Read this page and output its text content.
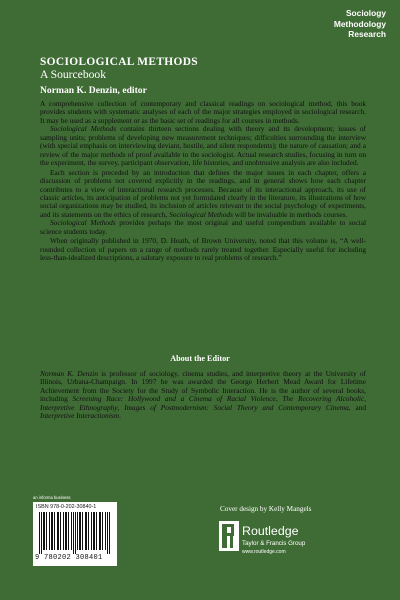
Sociology
Methodology
Research
SOCIOLOGICAL METHODS
A Sourcebook
Norman K. Denzin, editor

A comprehensive collection of contemporary and classical readings on sociological method, this book provides students with systematic analyses of each of the major strategies employed in sociological research. It may be used as a supplement or as the basic set of readings for all courses in methods.

Sociological Methods contains thirteen sections dealing with theory and its development; issues of sampling units; problems of developing new measurement techniques; difficulties surrounding the interview (with special emphasis on interviewing deviant, hostile, and silent respondents); the nature of causation; and a review of the major methods of proof available to the sociologist. Actual research studies, focusing in turn on the experiment, the survey, participant observation, life histories, and unobtrusive analysis are also included.

Each section is preceded by an introduction that defines the major issues in each chapter, offers a discussion of problems not covered explicitly in the readings, and in general shows how each chapter contributes to a view of interactional research processes. Because of its interactional approach, its use of classic articles, its anticipation of problems not yet formulated clearly in the literature, its illustrations of how social organizations may be studied, its inclusion of articles relevant to the social psychology of experiments, and its statements on the ethics of research, Sociological Methods will be invaluable in methods courses.

Sociological Methods provides perhaps the most original and useful compendium available to social science students today.

When originally published in 1970, D. Heath, of Brown University, noted that this volume is, “A well-rounded collection of papers on a range of methods rarely treated together. Especially useful for including less-than-idealized descriptions, a salutary exposure to real problems of research.”

About the Editor
Norman K. Denzin is professor of sociology, cinema studies, and interpretive theory at the University of Illinois, Urbana-Champaign. In 1997 he was awarded the George Herbert Mead Award for Lifetime Achievement from the Society for the Study of Symbolic Interaction. He is the author of several books, including Screening Race: Hollywood and a Cinema of Racial Violence, The Recovering Alcoholic, Interpretive Ethnography, Images of Postmodernism: Social Theory and Contemporary Cinema, and Interpretive Interactionism.
an informa business
ISBN 978-0-202-30840-1
9 780202 308401
Cover design by Kelly Mangels
Routledge
Taylor & Francis Group
www.routledge.com
